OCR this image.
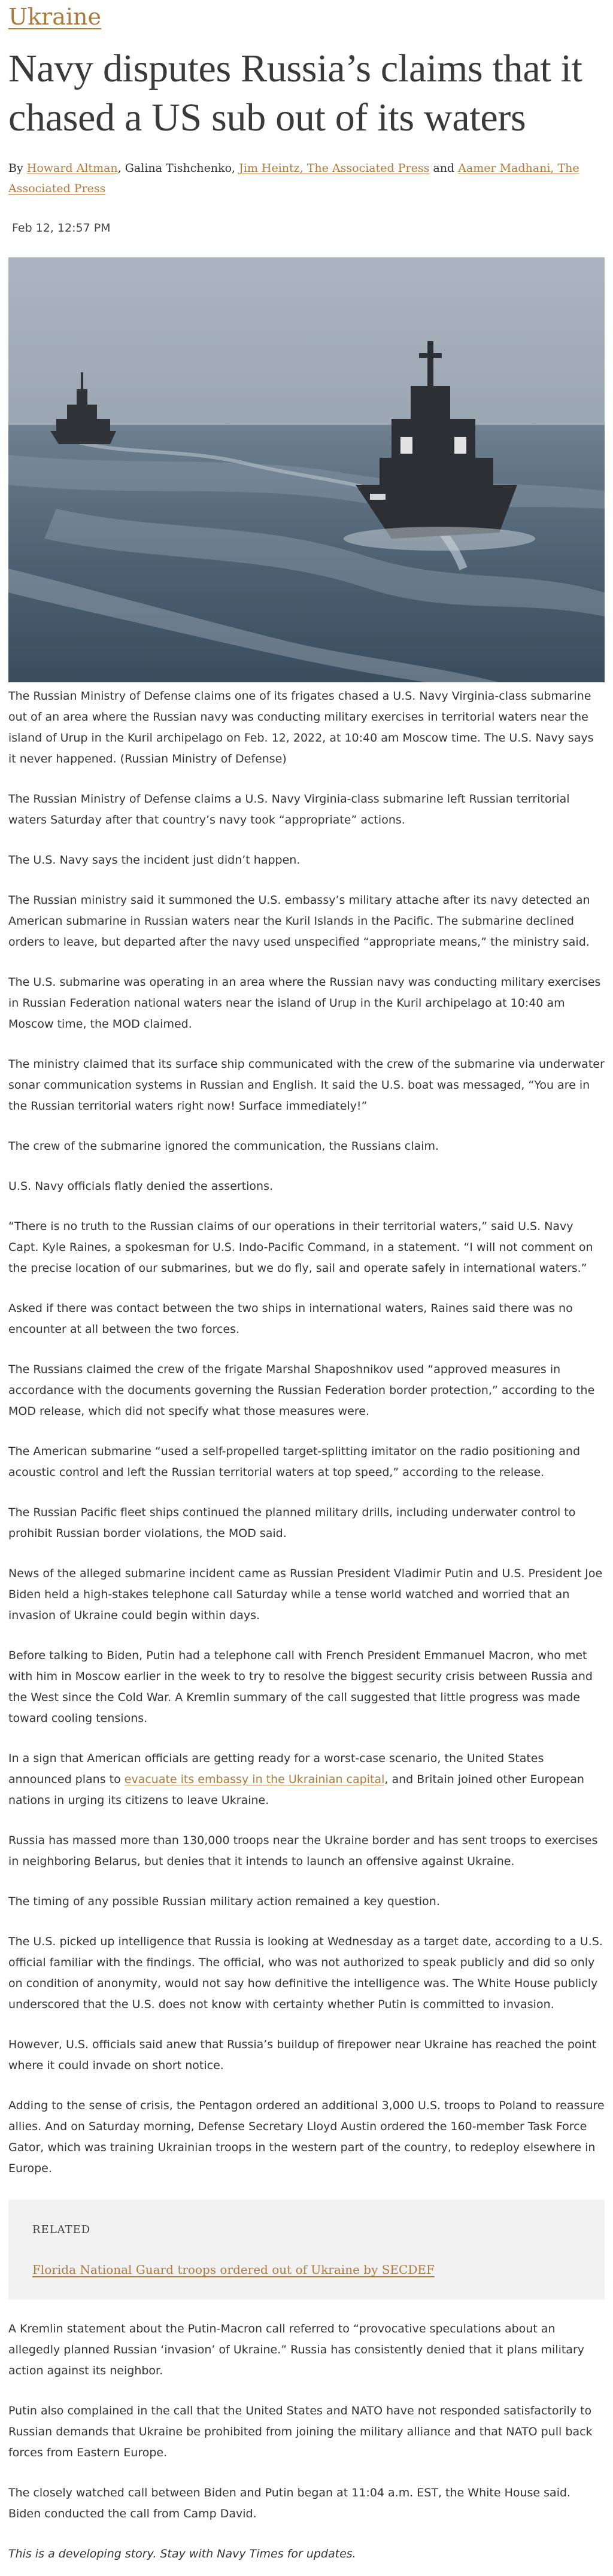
Ukraine
Navy disputes Russia’s claims that it chased a US sub out of its waters
By Howard Altman, Galina Tishchenko, Jim Heintz, The Associated Press and Aamer Madhani, The Associated Press
Feb 12, 12:57 PM

The Russian Ministry of Defense claims one of its frigates chased a U.S. Navy Virginia-class submarine out of an area where the Russian navy was conducting military exercises in territorial waters near the island of Urup in the Kuril archipelago on Feb. 12, 2022, at 10:40 am Moscow time. The U.S. Navy says it never happened. (Russian Ministry of Defense)

The Russian Ministry of Defense claims a U.S. Navy Virginia-class submarine left Russian territorial waters Saturday after that country’s navy took “appropriate” actions.

The U.S. Navy says the incident just didn’t happen.

The Russian ministry said it summoned the U.S. embassy’s military attache after its navy detected an American submarine in Russian waters near the Kuril Islands in the Pacific. The submarine declined orders to leave, but departed after the navy used unspecified “appropriate means,” the ministry said.

The U.S. submarine was operating in an area where the Russian navy was conducting military exercises in Russian Federation national waters near the island of Urup in the Kuril archipelago at 10:40 am Moscow time, the MOD claimed.

The ministry claimed that its surface ship communicated with the crew of the submarine via underwater sonar communication systems in Russian and English. It said the U.S. boat was messaged, “You are in the Russian territorial waters right now! Surface immediately!”

The crew of the submarine ignored the communication, the Russians claim.

U.S. Navy officials flatly denied the assertions.

“There is no truth to the Russian claims of our operations in their territorial waters,” said U.S. Navy Capt. Kyle Raines, a spokesman for U.S. Indo-Pacific Command, in a statement. “I will not comment on the precise location of our submarines, but we do fly, sail and operate safely in international waters.”

Asked if there was contact between the two ships in international waters, Raines said there was no encounter at all between the two forces.

The Russians claimed the crew of the frigate Marshal Shaposhnikov used “approved measures in accordance with the documents governing the Russian Federation border protection,” according to the MOD release, which did not specify what those measures were.

The American submarine “used a self-propelled target-splitting imitator on the radio positioning and acoustic control and left the Russian territorial waters at top speed,” according to the release.

The Russian Pacific fleet ships continued the planned military drills, including underwater control to prohibit Russian border violations, the MOD said.

News of the alleged submarine incident came as Russian President Vladimir Putin and U.S. President Joe Biden held a high-stakes telephone call Saturday while a tense world watched and worried that an invasion of Ukraine could begin within days.

Before talking to Biden, Putin had a telephone call with French President Emmanuel Macron, who met with him in Moscow earlier in the week to try to resolve the biggest security crisis between Russia and the West since the Cold War. A Kremlin summary of the call suggested that little progress was made toward cooling tensions.

In a sign that American officials are getting ready for a worst-case scenario, the United States announced plans to evacuate its embassy in the Ukrainian capital, and Britain joined other European nations in urging its citizens to leave Ukraine.

Russia has massed more than 130,000 troops near the Ukraine border and has sent troops to exercises in neighboring Belarus, but denies that it intends to launch an offensive against Ukraine.

The timing of any possible Russian military action remained a key question.

The U.S. picked up intelligence that Russia is looking at Wednesday as a target date, according to a U.S. official familiar with the findings. The official, who was not authorized to speak publicly and did so only on condition of anonymity, would not say how definitive the intelligence was. The White House publicly underscored that the U.S. does not know with certainty whether Putin is committed to invasion.

However, U.S. officials said anew that Russia’s buildup of firepower near Ukraine has reached the point where it could invade on short notice.

Adding to the sense of crisis, the Pentagon ordered an additional 3,000 U.S. troops to Poland to reassure allies. And on Saturday morning, Defense Secretary Lloyd Austin ordered the 160-member Task Force Gator, which was training Ukrainian troops in the western part of the country, to redeploy elsewhere in Europe.

RELATED
Florida National Guard troops ordered out of Ukraine by SECDEF

A Kremlin statement about the Putin-Macron call referred to “provocative speculations about an allegedly planned Russian ‘invasion’ of Ukraine.” Russia has consistently denied that it plans military action against its neighbor.

Putin also complained in the call that the United States and NATO have not responded satisfactorily to Russian demands that Ukraine be prohibited from joining the military alliance and that NATO pull back forces from Eastern Europe.

The closely watched call between Biden and Putin began at 11:04 a.m. EST, the White House said. Biden conducted the call from Camp David.

This is a developing story. Stay with Navy Times for updates.
